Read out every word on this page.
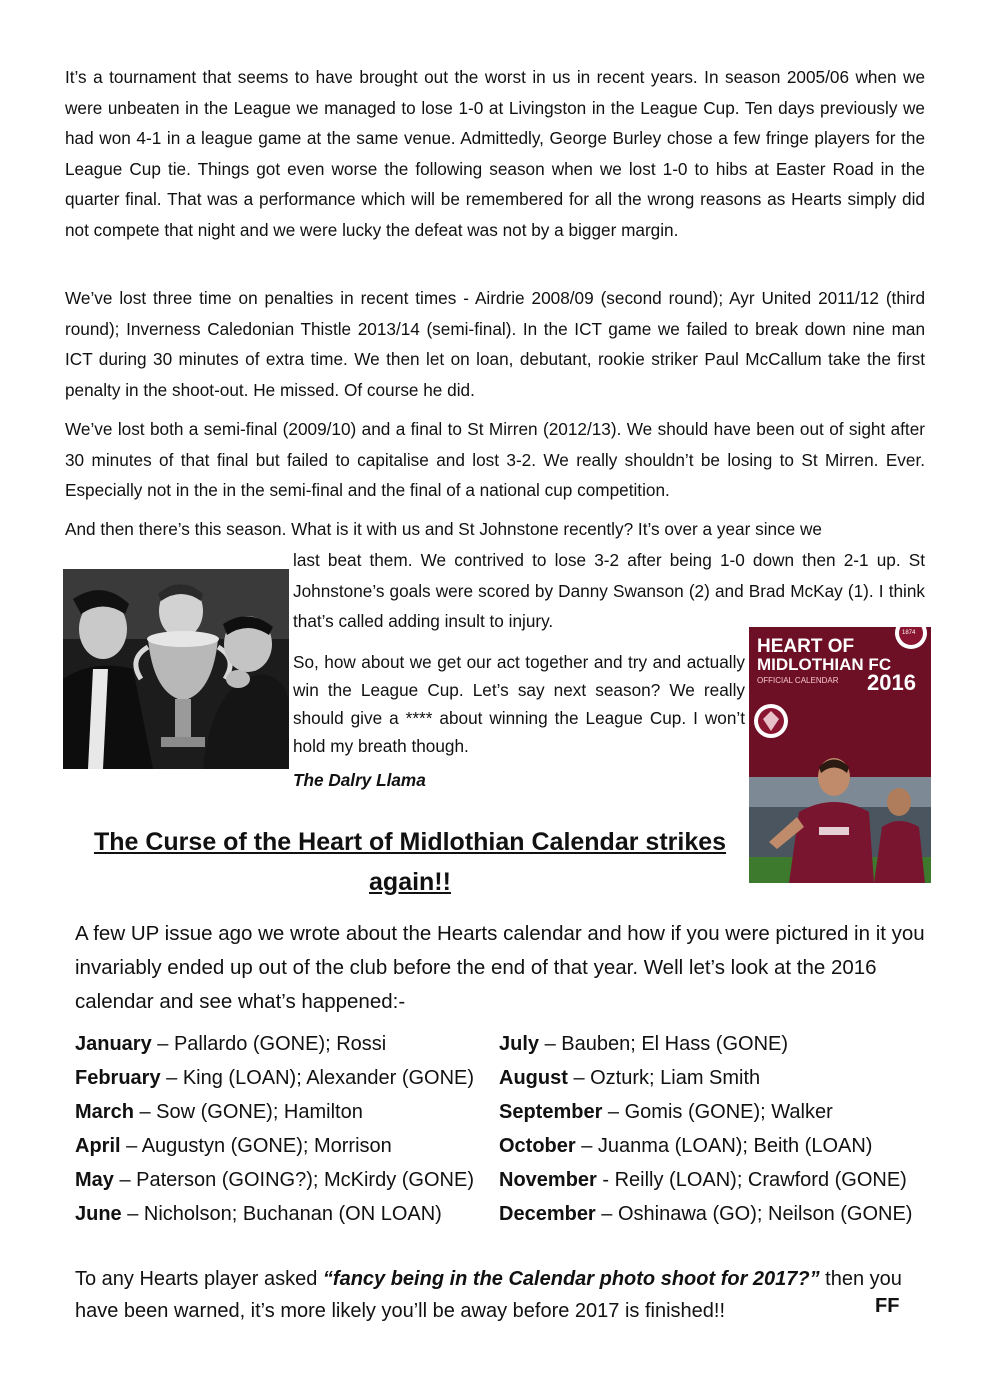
It’s a tournament that seems to have brought out the worst in us in recent years. In season 2005/06 when we were unbeaten in the League we managed to lose 1-0 at Livingston in the League Cup. Ten days previously we had won 4-1 in a league game at the same venue. Admittedly, George Burley chose a few fringe players for the League Cup tie. Things got even worse the following season when we lost 1-0 to hibs at Easter Road in the quarter final. That was a performance which will be remembered for all the wrong reasons as Hearts simply did not compete that night and we were lucky the defeat was not by a bigger margin.

We’ve lost three time on penalties in recent times - Airdrie 2008/09 (second round); Ayr United 2011/12 (third round); Inverness Caledonian Thistle 2013/14 (semi-final). In the ICT game we failed to break down nine man ICT during 30 minutes of extra time. We then let on loan, debutant, rookie striker Paul McCallum take the first penalty in the shoot-out. He missed. Of course he did.

We’ve lost both a semi-final (2009/10) and a final to St Mirren (2012/13). We should have been out of sight after 30 minutes of that final but failed to capitalise and lost 3-2. We really shouldn’t be losing to St Mirren. Ever. Especially not in the in the semi-final and the final of a national cup competition.

And then there’s this season. What is it with us and St Johnstone recently? It’s over a year since we

last beat them. We contrived to lose 3-2 after being 1-0 down then 2-1 up. St Johnstone’s goals were scored by Danny Swanson (2) and Brad McKay (1). I think that’s called adding insult to injury.

So, how about we get our act together and try and actually win the League Cup. Let’s say next season? We really should give a **** about winning the League Cup. I won’t hold my breath though.

The Dalry Llama
HEART OF
MIDLOTHIAN FC
OFFICIAL CALENDAR 2016
1874
The Curse of the Heart of Midlothian Calendar strikes again!!

A few UP issue ago we wrote about the Hearts calendar and how if you were pictured in it you invariably ended up out of the club before the end of that year. Well let’s look at the 2016 calendar and see what’s happened:-

January – Pallardo (GONE); Rossi
February – King (LOAN); Alexander (GONE)
March – Sow (GONE); Hamilton
April – Augustyn (GONE); Morrison
May – Paterson (GOING?); McKirdy (GONE)
June – Nicholson; Buchanan (ON LOAN)
July – Bauben; El Hass (GONE)
August – Ozturk; Liam Smith
September – Gomis (GONE); Walker
October – Juanma (LOAN); Beith (LOAN)
November - Reilly (LOAN); Crawford (GONE)
December – Oshinawa (GO); Neilson (GONE)

To any Hearts player asked “fancy being in the Calendar photo shoot for 2017?” then you have been warned, it’s more likely you’ll be away before 2017 is finished!!	FF
